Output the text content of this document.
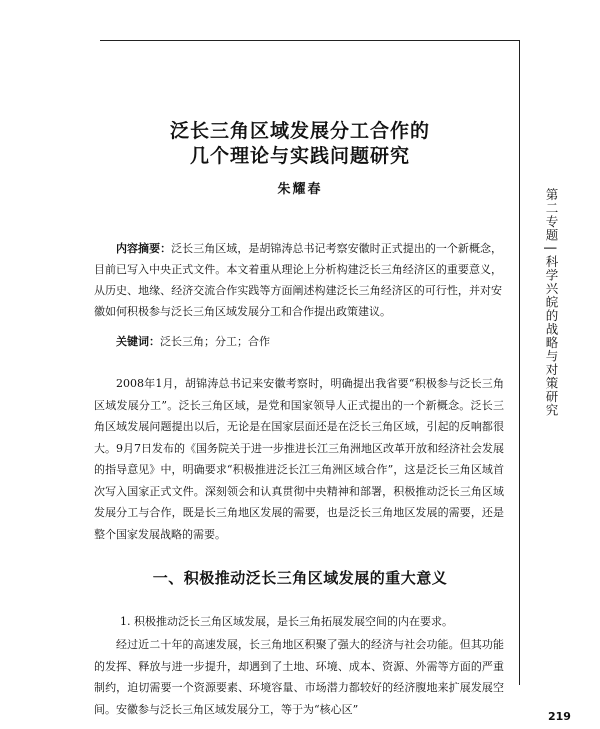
第二专题|科学兴皖的战略与对策研究
泛长三角区域发展分工合作的
几个理论与实践问题研究
朱耀春
内容摘要：泛长三角区域，是胡锦涛总书记考察安徽时正式提出的一个新概念，目前已写入中央正式文件。本文着重从理论上分析构建泛长三角经济区的重要意义，从历史、地缘、经济交流合作实践等方面阐述构建泛长三角经济区的可行性，并对安徽如何积极参与泛长三角区域发展分工和合作提出政策建议。
关键词：泛长三角；分工；合作
2008年1月，胡锦涛总书记来安徽考察时，明确提出我省要“积极参与泛长三角区域发展分工”。泛长三角区域，是党和国家领导人正式提出的一个新概念。泛长三角区域发展问题提出以后，无论是在国家层面还是在泛长三角区域，引起的反响都很大。9月7日发布的《国务院关于进一步推进长江三角洲地区改革开放和经济社会发展的指导意见》中，明确要求“积极推进泛长江三角洲区域合作”，这是泛长三角区域首次写入国家正式文件。深刻领会和认真贯彻中央精神和部署，积极推动泛长三角区域发展分工与合作，既是长三角地区发展的需要，也是泛长三角地区发展的需要，还是整个国家发展战略的需要。
一、积极推动泛长三角区域发展的重大意义
1. 积极推动泛长三角区域发展，是长三角拓展发展空间的内在要求。
经过近二十年的高速发展，长三角地区积聚了强大的经济与社会功能。但其功能的发挥、释放与进一步提升，却遇到了土地、环境、成本、资源、外需等方面的严重制约，迫切需要一个资源要素、环境容量、市场潜力都较好的经济腹地来扩展发展空间。安徽参与泛长三角区域发展分工，等于为“核心区”
219
